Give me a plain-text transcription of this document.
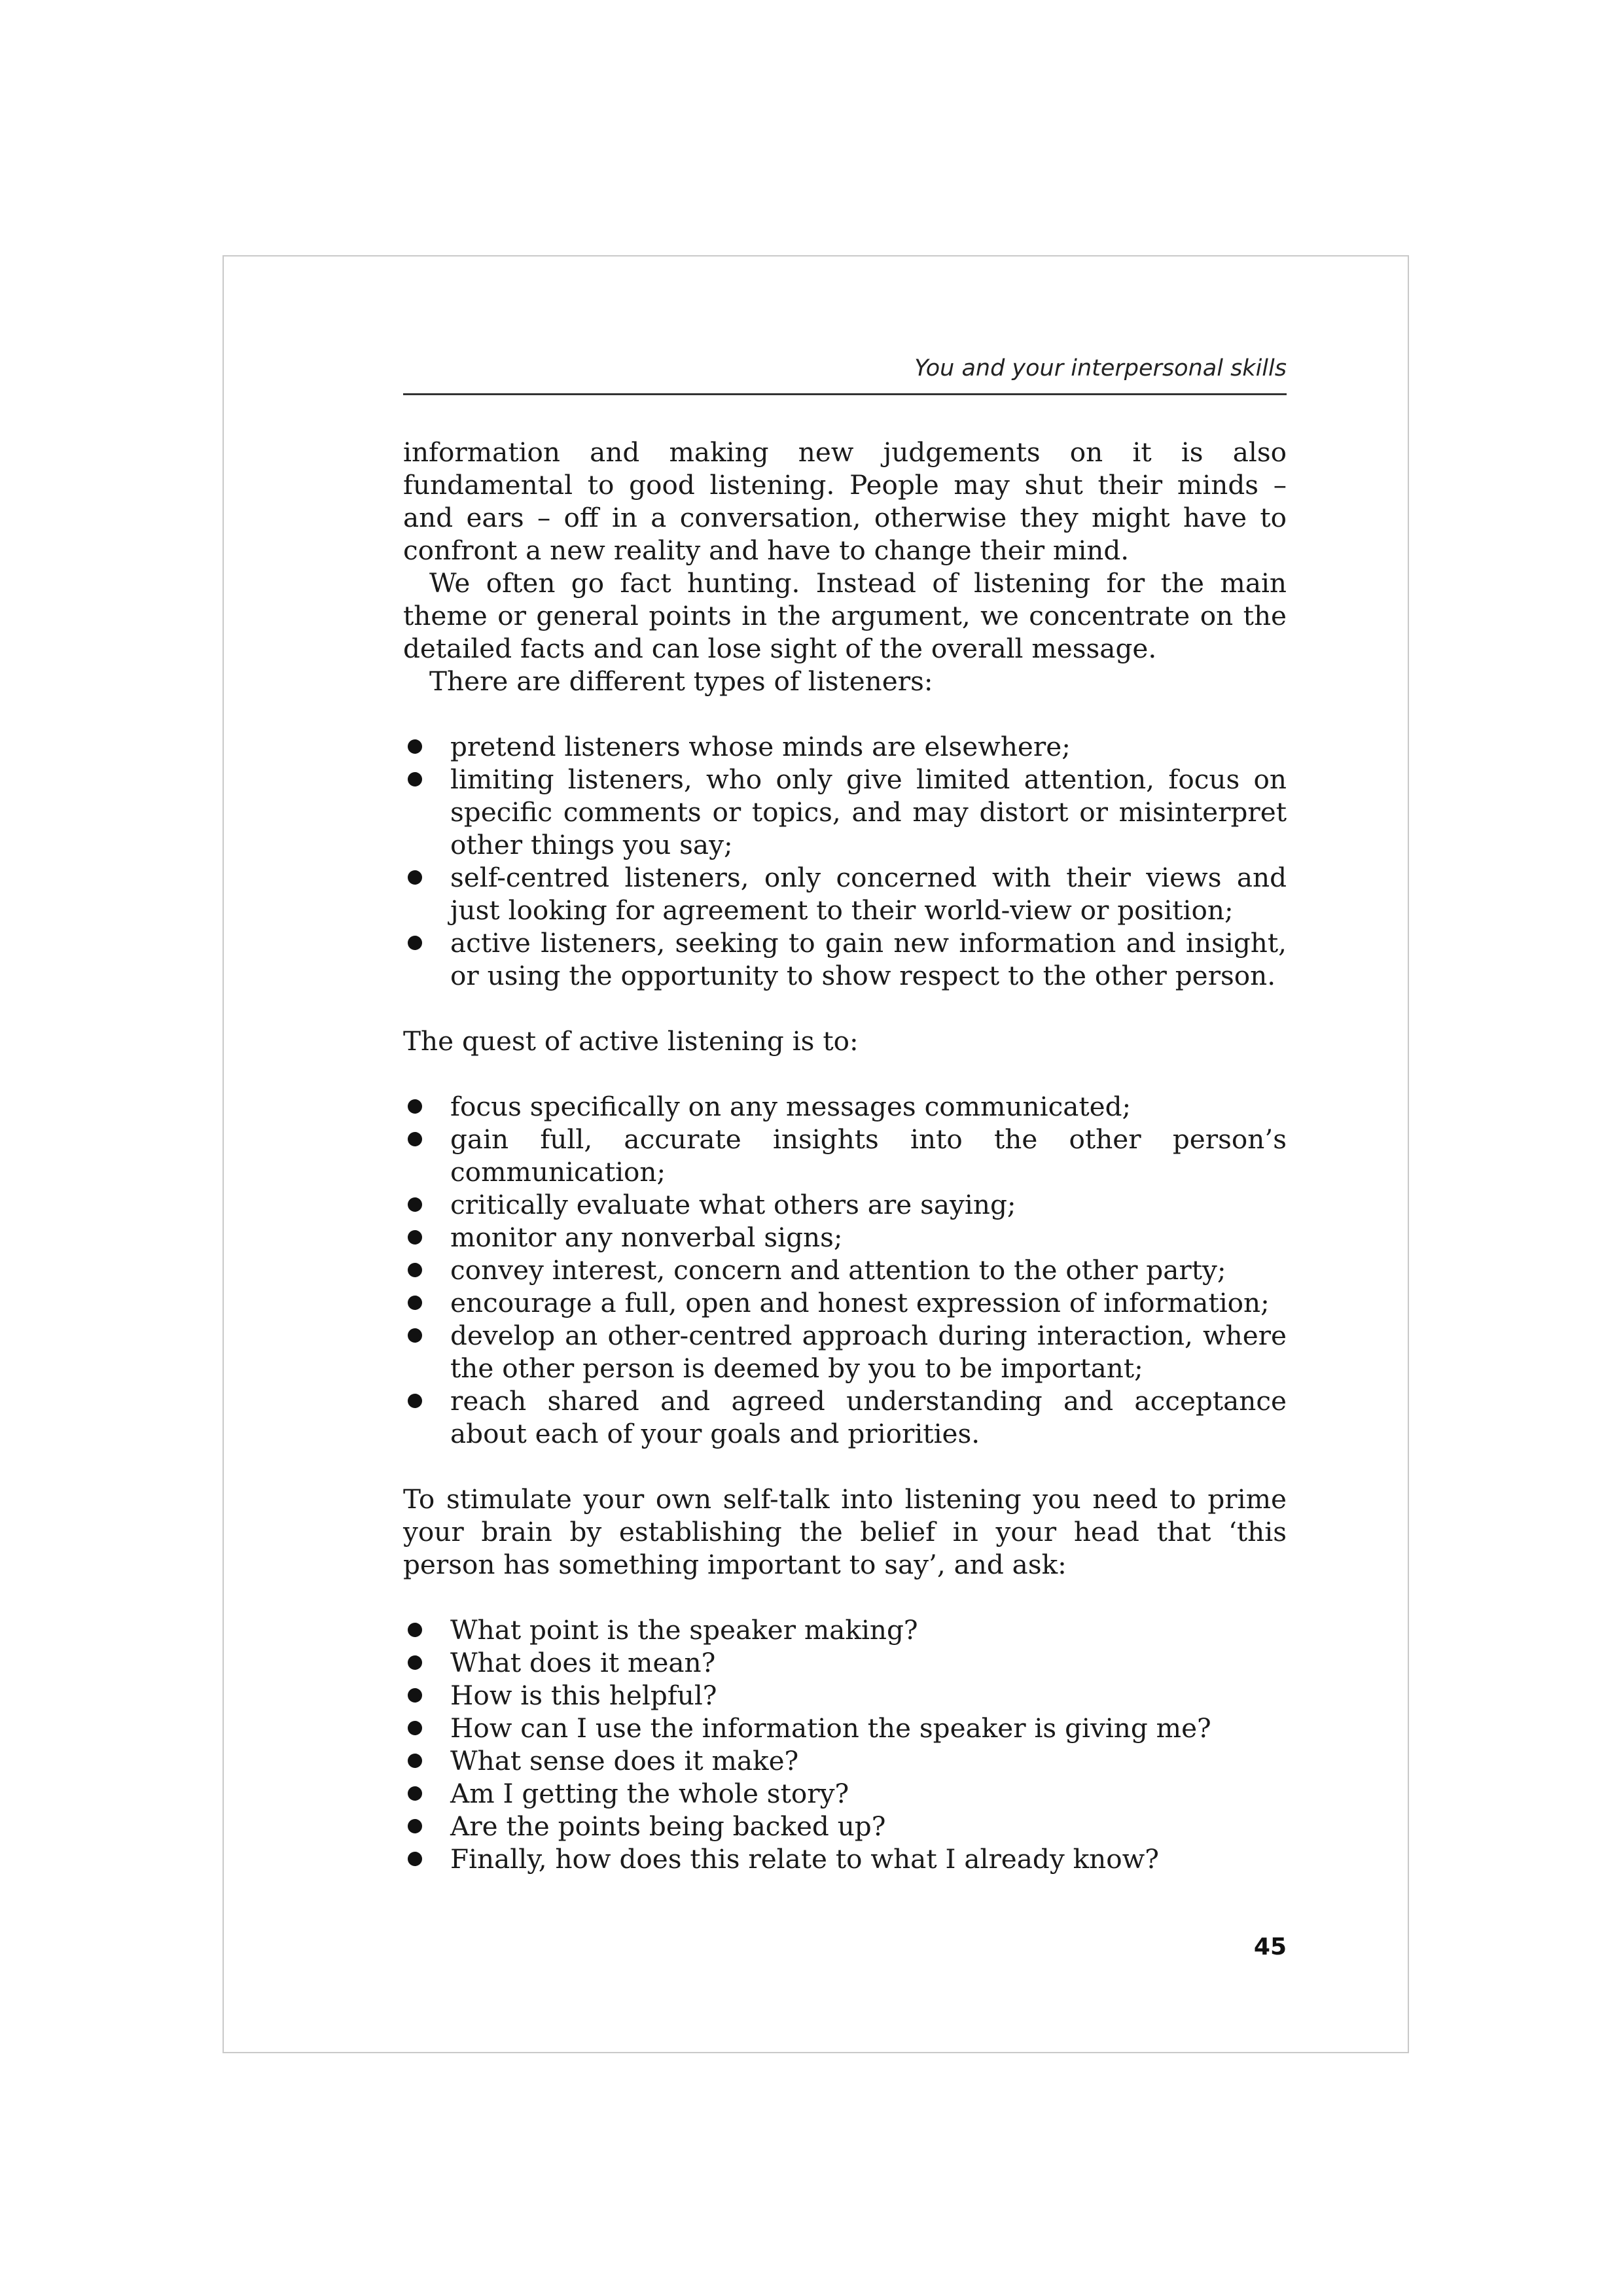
You and your interpersonal skills

information and making new judgements on it is also fundamental to good listening. People may shut their minds – and ears – off in a conversation, otherwise they might have to confront a new reality and have to change their mind.

We often go fact hunting. Instead of listening for the main theme or general points in the argument, we concentrate on the detailed facts and can lose sight of the overall message.

There are different types of listeners:

pretend listeners whose minds are elsewhere;
limiting listeners, who only give limited attention, focus on specific comments or topics, and may distort or misinterpret other things you say;
self-centred listeners, only concerned with their views and just looking for agreement to their world-view or position;
active listeners, seeking to gain new information and insight, or using the opportunity to show respect to the other person.

The quest of active listening is to:

focus specifically on any messages communicated;
gain full, accurate insights into the other person’s communication;
critically evaluate what others are saying;
monitor any nonverbal signs;
convey interest, concern and attention to the other party;
encourage a full, open and honest expression of information;
develop an other-centred approach during interaction, where the other person is deemed by you to be important;
reach shared and agreed understanding and acceptance about each of your goals and priorities.

To stimulate your own self-talk into listening you need to prime your brain by establishing the belief in your head that ‘this person has something important to say’, and ask:

What point is the speaker making?
What does it mean?
How is this helpful?
How can I use the information the speaker is giving me?
What sense does it make?
Am I getting the whole story?
Are the points being backed up?
Finally, how does this relate to what I already know?
45
